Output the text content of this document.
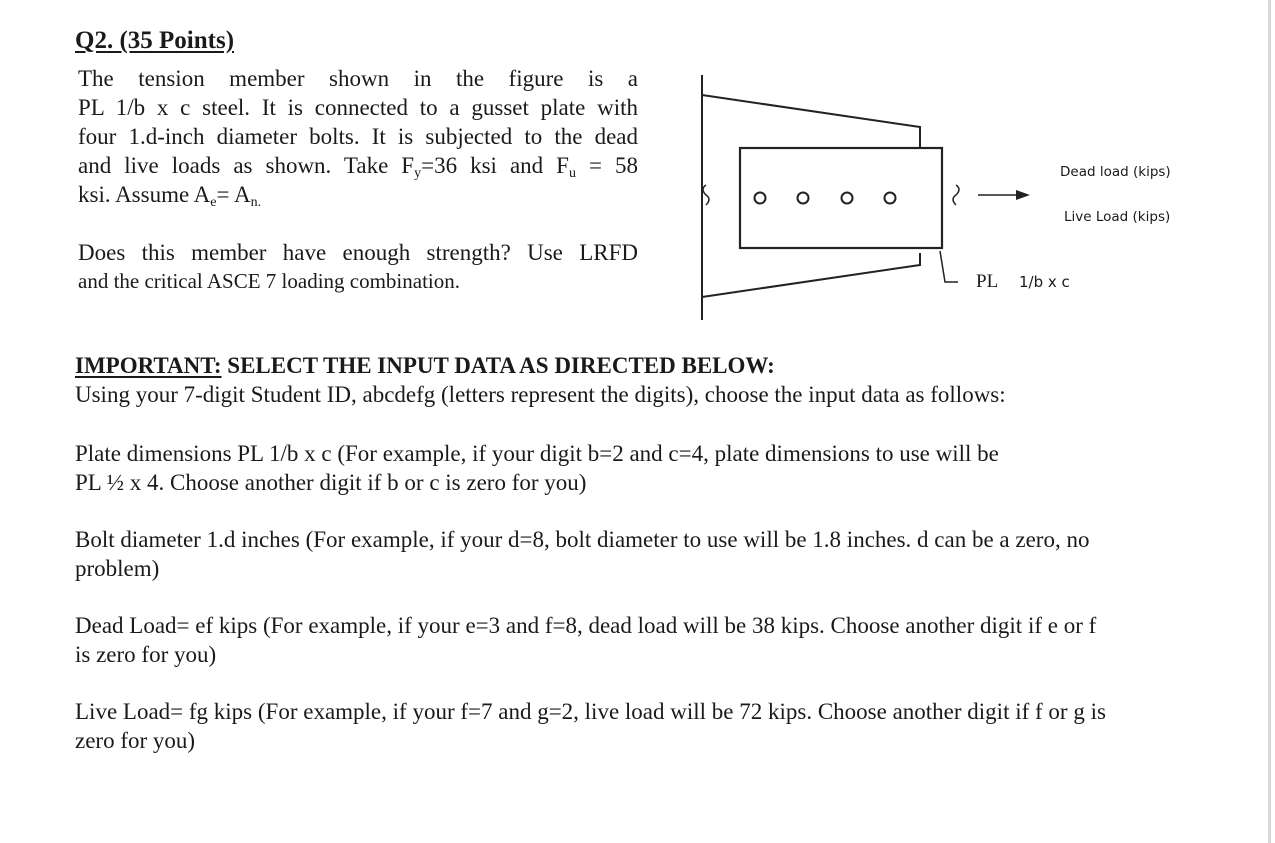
Q2. (35 Points)
The tension member shown in the figure is a
PL 1/b x c steel. It is connected to a gusset plate with
four 1.d-inch diameter bolts. It is subjected to the dead
and live loads as shown. Take $F_y=36$ ksi and $F_u = 58$
ksi. Assume $A_e= A_{n.}$
Does this member have enough strength? Use LRFD
and the critical ASCE 7 loading combination.
Dead load (kips)
Live Load (kips)
PL 1/b x c
IMPORTANT: SELECT THE INPUT DATA AS DIRECTED BELOW:

Using your 7-digit Student ID, abcdefg (letters represent the digits), choose the input data as follows:

Plate dimensions PL 1/b x c (For example, if your digit b=2 and c=4, plate dimensions to use will be
PL ½ x 4. Choose another digit if b or c is zero for you)

Bolt diameter 1.d inches (For example, if your d=8, bolt diameter to use will be 1.8 inches. d can be a zero, no
problem)

Dead Load= ef kips (For example, if your e=3 and f=8, dead load will be 38 kips. Choose another digit if e or f
is zero for you)

Live Load= fg kips (For example, if your f=7 and g=2, live load will be 72 kips. Choose another digit if f or g is
zero for you)
